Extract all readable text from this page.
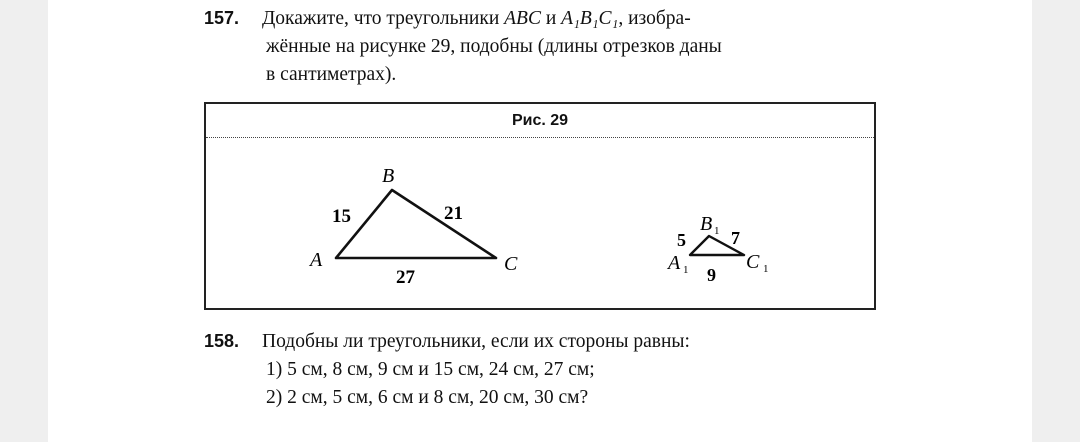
157. Докажите, что треугольники ABC и A₁B₁C₁, изобра-
жённые на рисунке 29, подобны (длины отрезков даны
в сантиметрах).
Рис. 29
B
A	C
15	21
27
B 1
A 1	C 1
5	7
9
158. Подобны ли треугольники, если их стороны равны:
1) 5 см, 8 см, 9 см и 15 см, 24 см, 27 см;
2) 2 см, 5 см, 6 см и 8 см, 20 см, 30 см?
